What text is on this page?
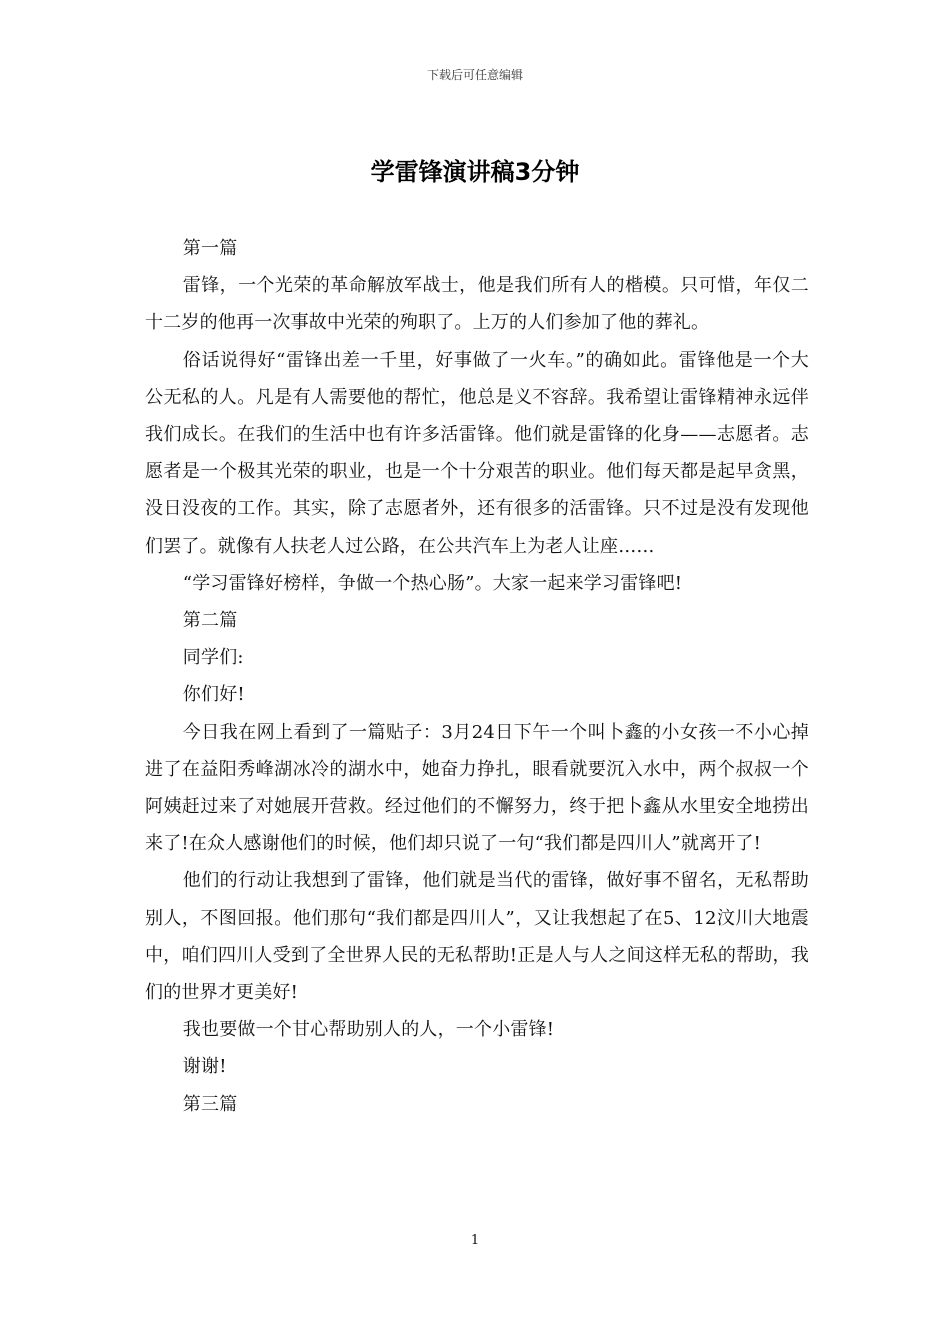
下载后可任意编辑
学雷锋演讲稿3分钟

第一篇

雷锋，一个光荣的革命解放军战士，他是我们所有人的楷模。只可惜，年仅二十二岁的他再一次事故中光荣的殉职了。上万的人们参加了他的葬礼。

俗话说得好“雷锋出差一千里，好事做了一火车。”的确如此。雷锋他是一个大公无私的人。凡是有人需要他的帮忙，他总是义不容辞。我希望让雷锋精神永远伴我们成长。在我们的生活中也有许多活雷锋。他们就是雷锋的化身——志愿者。志愿者是一个极其光荣的职业，也是一个十分艰苦的职业。他们每天都是起早贪黑，没日没夜的工作。其实，除了志愿者外，还有很多的活雷锋。只不过是没有发现他们罢了。就像有人扶老人过公路，在公共汽车上为老人让座……

“学习雷锋好榜样，争做一个热心肠”。大家一起来学习雷锋吧!

第二篇

同学们:

你们好!

今日我在网上看到了一篇贴子：3月24日下午一个叫卜鑫的小女孩一不小心掉进了在益阳秀峰湖冰冷的湖水中，她奋力挣扎，眼看就要沉入水中，两个叔叔一个阿姨赶过来了对她展开营救。经过他们的不懈努力，终于把卜鑫从水里安全地捞出来了!在众人感谢他们的时候，他们却只说了一句“我们都是四川人”就离开了!

他们的行动让我想到了雷锋，他们就是当代的雷锋，做好事不留名，无私帮助别人，不图回报。他们那句“我们都是四川人”，又让我想起了在5、12汶川大地震中，咱们四川人受到了全世界人民的无私帮助!正是人与人之间这样无私的帮助，我们的世界才更美好!

我也要做一个甘心帮助别人的人，一个小雷锋!

谢谢!

第三篇

1
